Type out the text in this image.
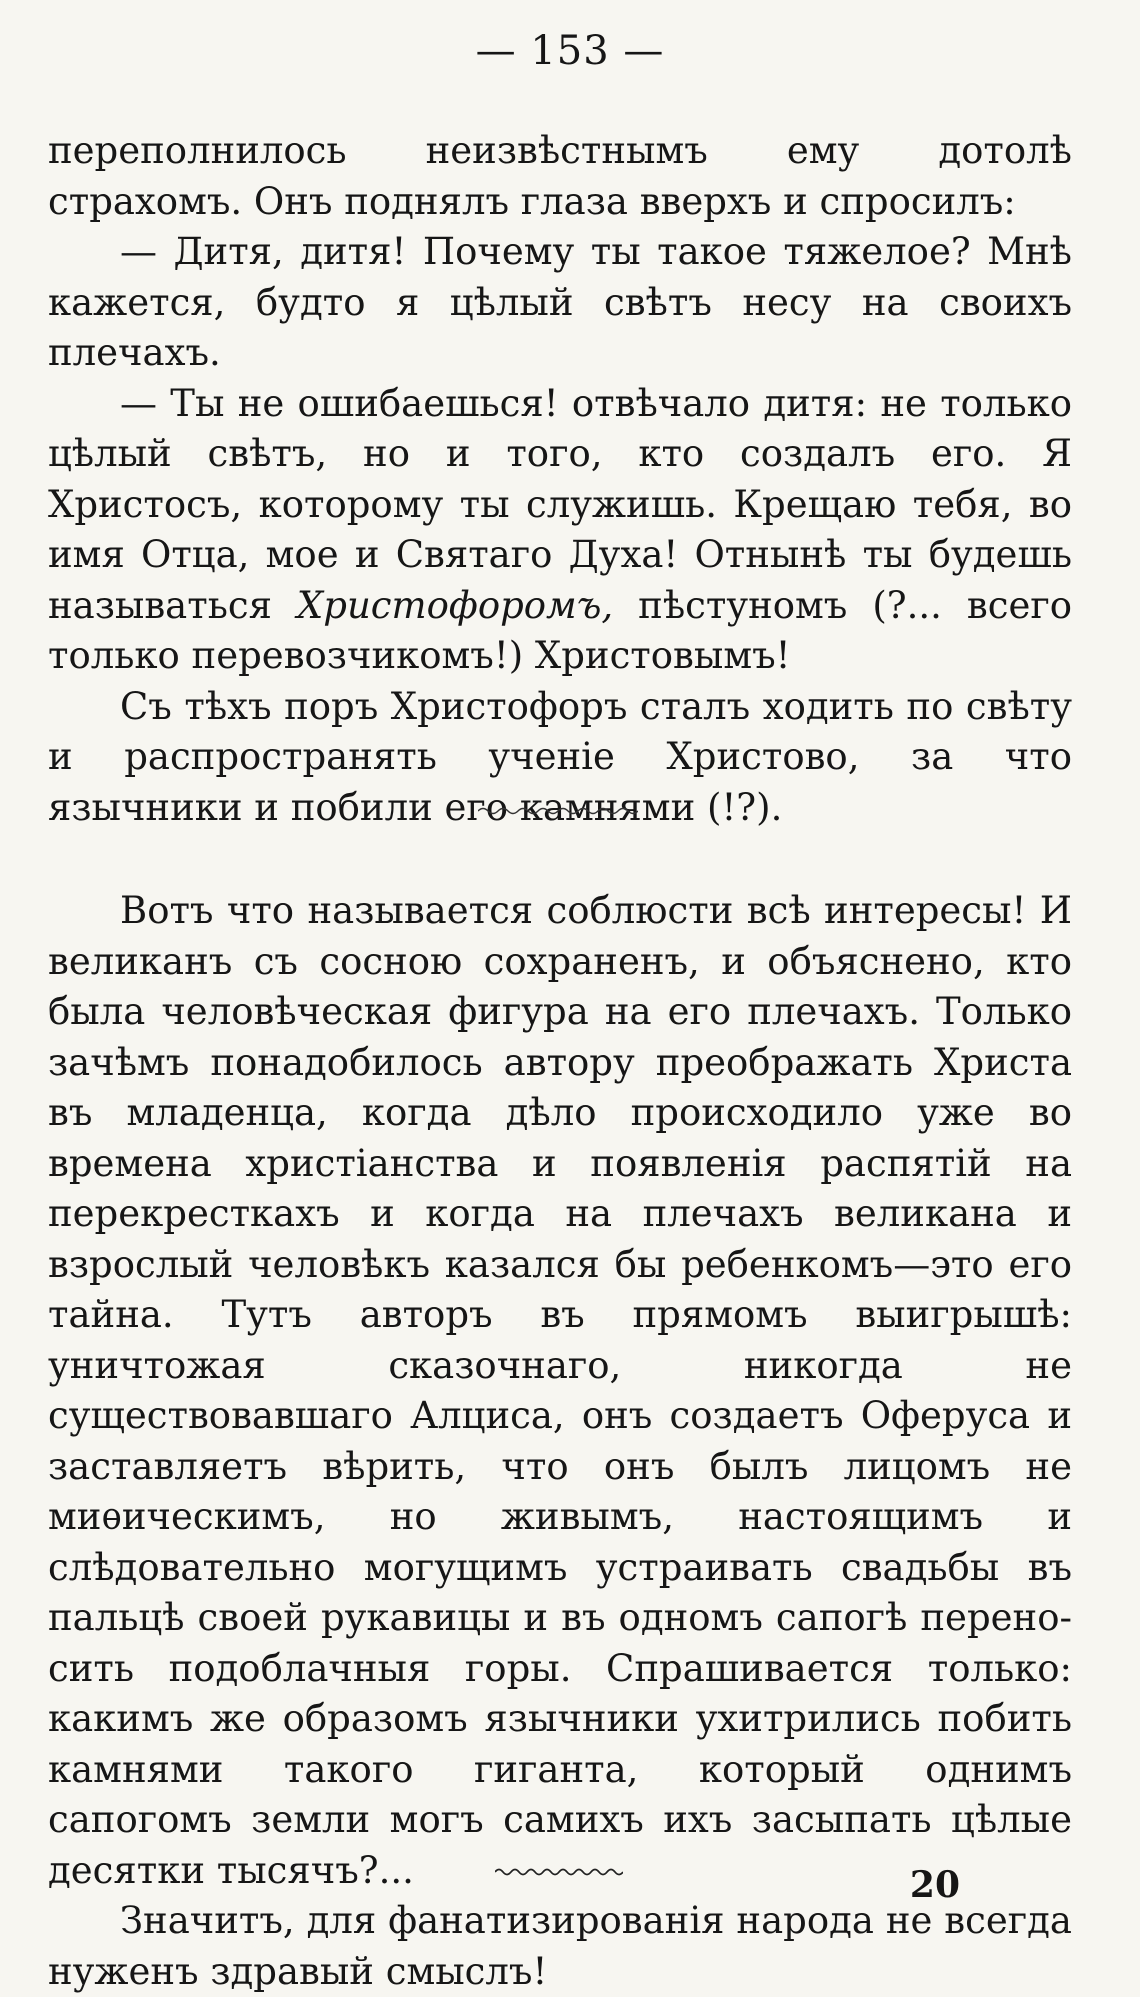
— 153 —

переполнилось неизвѣстнымъ ему дотолѣ страхомъ. Онъ поднялъ глаза вверхъ и спросилъ:

— Дитя, дитя! Почему ты такое тяжелое? Мнѣ кажется, будто я цѣлый свѣтъ несу на своихъ плечахъ.

— Ты не ошибаешься! отвѣчало дитя: не только цѣлый свѣтъ, но и того, кто создалъ его. Я Христосъ, которому ты служишь. Крещаю тебя, во имя Отца, мое и Святаго Духа! Отнынѣ ты будешь называться Христофоромъ, пѣстуномъ (?... всего только перевозчикомъ!) Христовымъ!

Съ тѣхъ поръ Христофоръ сталъ ходить по свѣту и распространять ученіе Христово, за что язычники и побили его камнями (!?).

Вотъ что называется соблюсти всѣ интересы! И великанъ съ сосною сохраненъ, и объяснено, кто была человѣческая фигура на его плечахъ. Только зачѣмъ понадобилось автору преображать Христа въ младенца, когда дѣло происходило уже во времена христіанства и появленія распятій на перекресткахъ и когда на плечахъ великана и взрослый человѣкъ казался бы ребенкомъ—это его тайна. Тутъ авторъ въ прямомъ выигрышѣ: уничтожая сказочнаго, никогда не существовавшаго Алциса, онъ создаетъ Оферуса и заставляетъ вѣрить, что онъ былъ лицомъ не миѳическимъ, но живымъ, настоящимъ и слѣдовательно могущимъ устраивать свадьбы въ пальцѣ своей рукавицы и въ одномъ сапогѣ переносить подоблачныя горы. Спрашивается только: какимъ же образомъ язычники ухитрились побить камнями такого гиганта, который однимъ сапогомъ земли могъ самихъ ихъ засыпать цѣлые десятки тысячъ?...

Значитъ, для фанатизированія народа не всегда нуженъ здравый смыслъ!

20
